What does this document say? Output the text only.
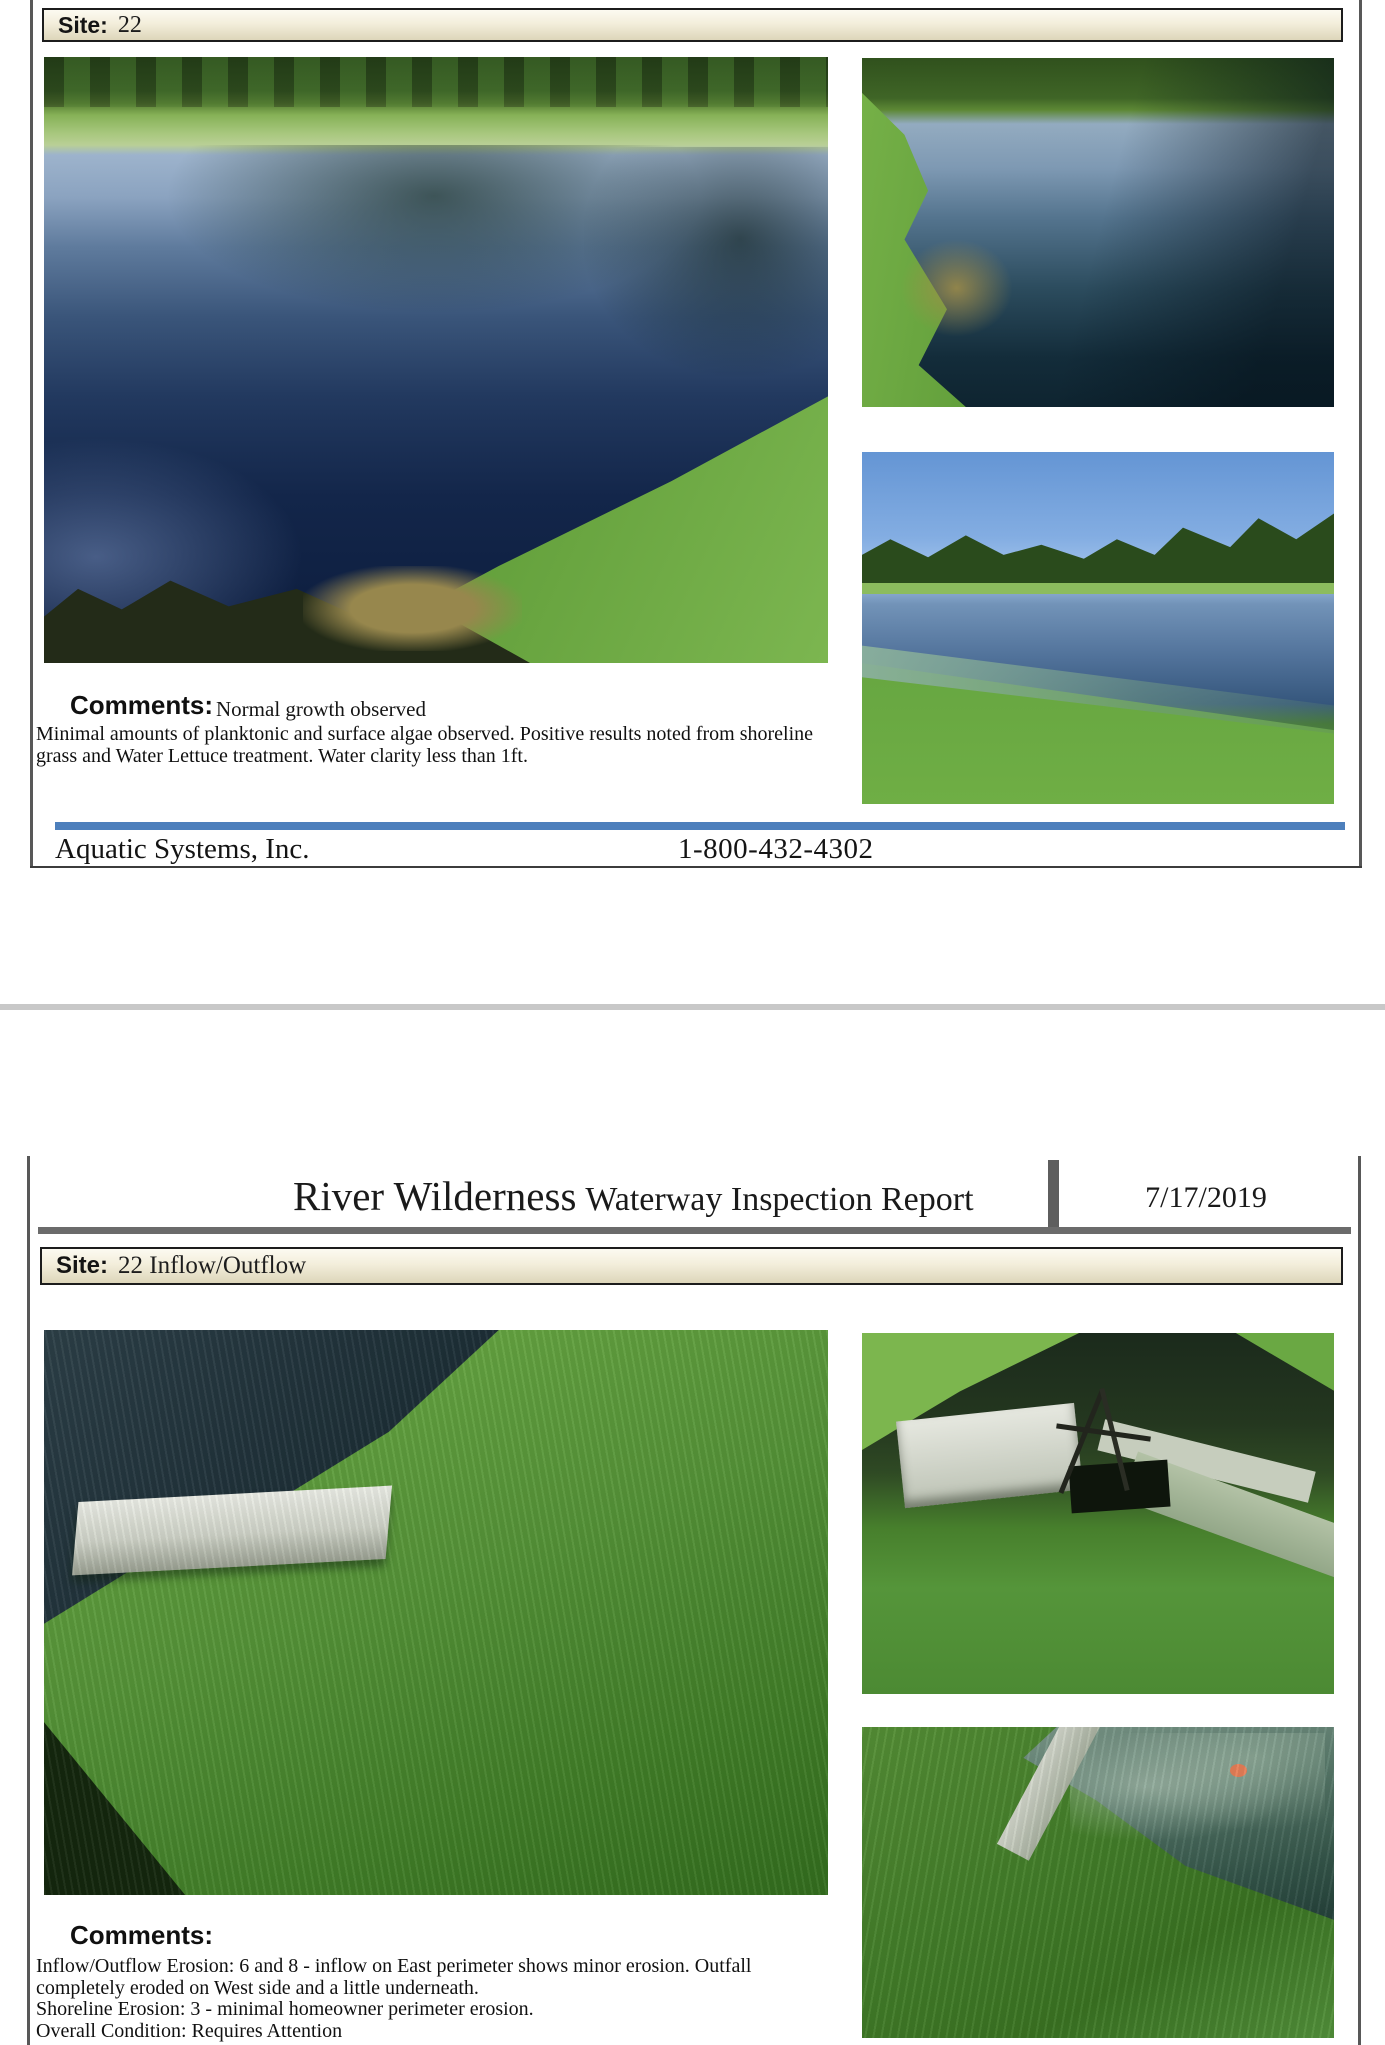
Site: 22
Comments: Normal growth observed
Minimal amounts of planktonic and surface algae observed. Positive results noted from shoreline
grass and Water Lettuce treatment. Water clarity less than 1ft.
Aquatic Systems, Inc.	1-800-432-4302
River Wilderness Waterway Inspection Report	7/17/2019
Site: 22 Inflow/Outflow
Comments:
Inflow/Outflow Erosion: 6 and 8 - inflow on East perimeter shows minor erosion. Outfall
completely eroded on West side and a little underneath.
Shoreline Erosion: 3 - minimal homeowner perimeter erosion.
Overall Condition: Requires Attention
